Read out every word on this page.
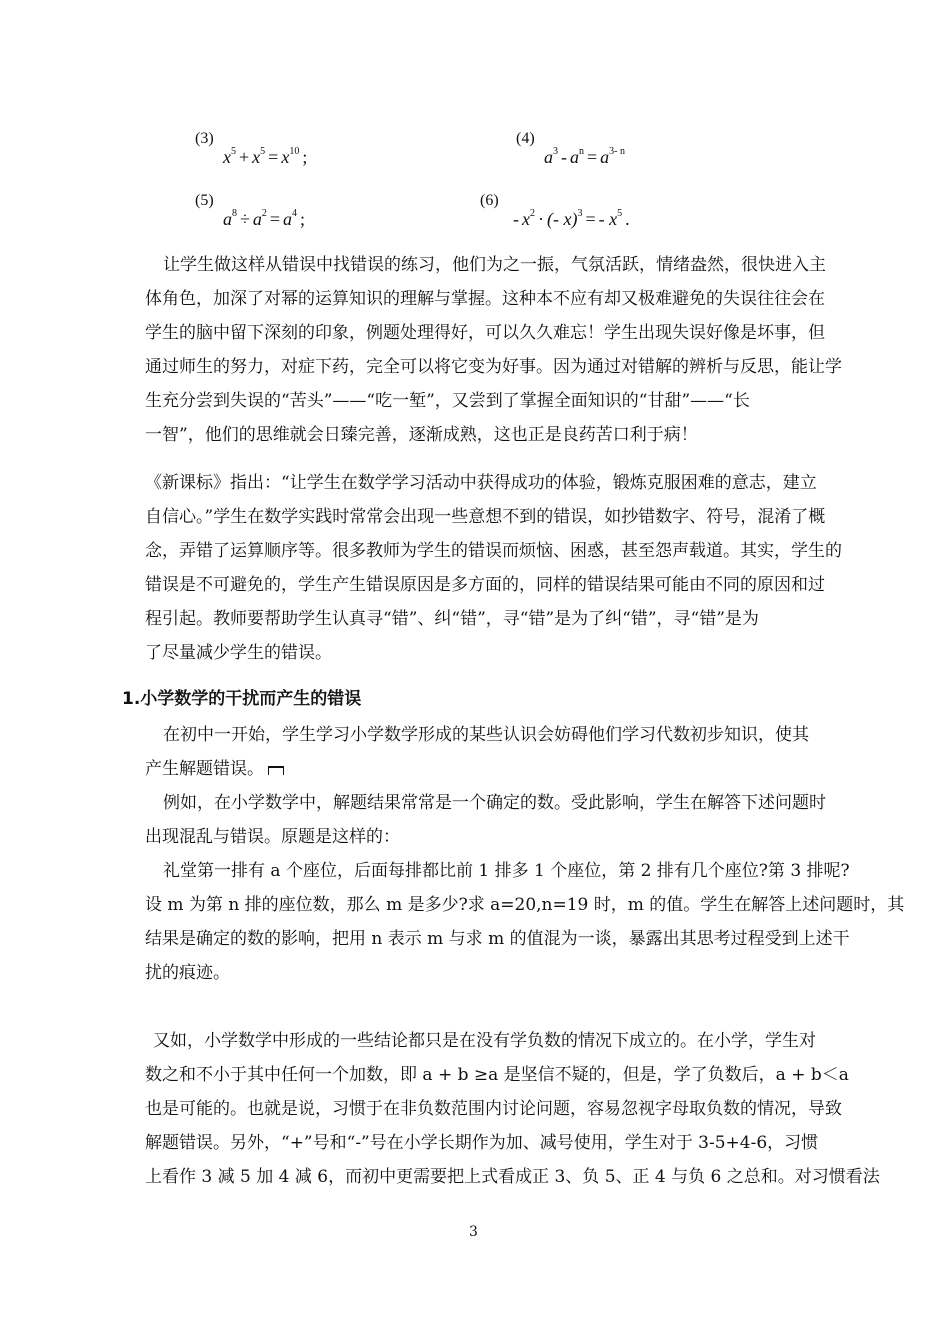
(3)
$x^5 + x^5 = x^{10}$ ;
(4)
$a^3 - a^n = a^{3- n}$
(5)
$a^8 \div a^2 = a^4$ ;
(6)
- $x^2$ · (- x)$^3$ = - $x^5$ .
让学生做这样从错误中找错误的练习，他们为之一振，气氛活跃，情绪盎然，很快进入主
体角色，加深了对幂的运算知识的理解与掌握。这种本不应有却又极难避免的失误往往会在
学生的脑中留下深刻的印象，例题处理得好，可以久久难忘！学生出现失误好像是坏事，但
通过师生的努力，对症下药，完全可以将它变为好事。因为通过对错解的辨析与反思，能让学
生充分尝到失误的“苦头”——“吃一堑”，又尝到了掌握全面知识的“甘甜”——“长
一智”，他们的思维就会日臻完善，逐渐成熟，这也正是良药苦口利于病！
《新课标》指出：“让学生在数学学习活动中获得成功的体验，锻炼克服困难的意志，建立
自信心。”学生在数学实践时常常会出现一些意想不到的错误，如抄错数字、符号，混淆了概
念，弄错了运算顺序等。很多教师为学生的错误而烦恼、困惑，甚至怨声载道。其实，学生的
错误是不可避免的，学生产生错误原因是多方面的，同样的错误结果可能由不同的原因和过
程引起。教师要帮助学生认真寻“错”、纠“错”，寻“错”是为了纠“错”，寻“错”是为
了尽量减少学生的错误。
1.小学数学的干扰而产生的错误
在初中一开始，学生学习小学数学形成的某些认识会妨碍他们学习代数初步知识，使其
产生解题错误。
例如，在小学数学中，解题结果常常是一个确定的数。受此影响，学生在解答下述问题时
出现混乱与错误。原题是这样的：
礼堂第一排有 a 个座位，后面每排都比前 1 排多 1 个座位，第 2 排有几个座位?第 3 排呢?
设 m 为第 n 排的座位数，那么 m 是多少?求 a=20,n=19 时，m 的值。学生在解答上述问题时，其
结果是确定的数的影响，把用 n 表示 m 与求 m 的值混为一谈，暴露出其思考过程受到上述干
扰的痕迹。
又如，小学数学中形成的一些结论都只是在没有学负数的情况下成立的。在小学，学生对
数之和不小于其中任何一个加数，即 a + b ≥a 是坚信不疑的，但是，学了负数后，a + b＜a
也是可能的。也就是说，习惯于在非负数范围内讨论问题，容易忽视字母取负数的情况，导致
解题错误。另外，“+”号和“-”号在小学长期作为加、减号使用，学生对于 3-5+4-6，习惯
上看作 3 减 5 加 4 减 6，而初中更需要把上式看成正 3、负 5、正 4 与负 6 之总和。对习惯看法
3
